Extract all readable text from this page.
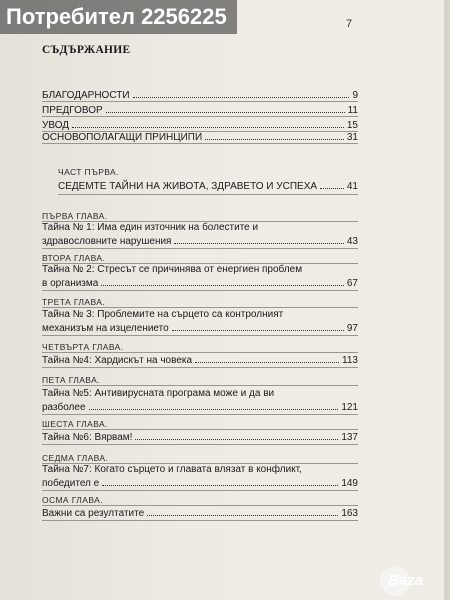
7
СЪДЪРЖАНИЕ
БЛАГОДАРНОСТИ	9
ПРЕДГОВОР	11
УВОД	15
ОСНОВОПОЛАГАЩИ ПРИНЦИПИ	31
ЧАСТ ПЪРВА.
СЕДЕМТЕ ТАЙНИ НА ЖИВОТА, ЗДРАВЕТО И УСПЕХА	41
ПЪРВА ГЛАВА.
Тайна № 1: Има един източник на болестите и
здравословните нарушения	43
ВТОРА ГЛАВА.
Тайна № 2: Стресът се причинява от енергиен проблем
в организма	67
ТРЕТА ГЛАВА.
Тайна № 3: Проблемите на сърцето са контролният
механизъм на изцелението	97
ЧЕТВЪРТА ГЛАВА.
Тайна №4: Хардискът на човека	113
ПЕТА ГЛАВА.
Тайна №5: Антивирусната програма може и да ви
разболее	121
ШЕСТА ГЛАВА.
Тайна №6: Вярвам!	137
СЕДМА ГЛАВА.
Тайна №7: Когато сърцето и главата влязат в конфликт,
победител е	149
ОСМА ГЛАВА.
Важни са резултатите	163
Baza
Потребител 2256225
